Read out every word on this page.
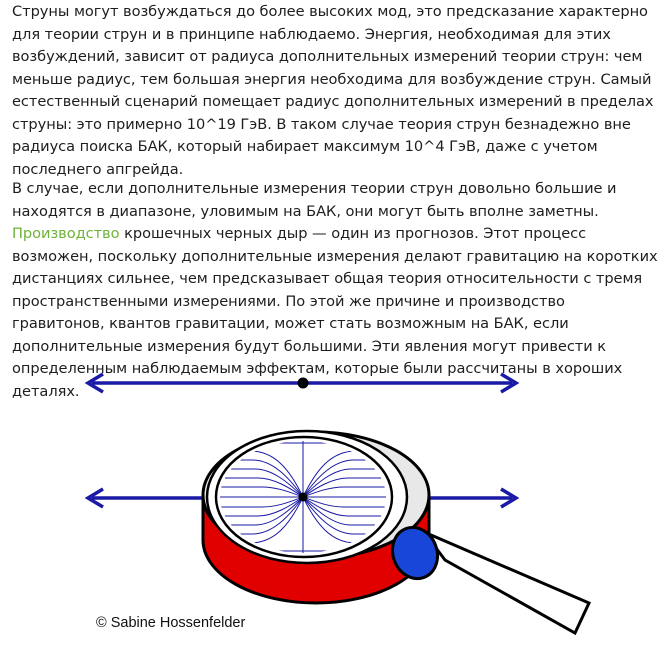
Струны могут возбуждаться до более высоких мод, это предсказание характерно для теории струн и в принципе наблюдаемо. Энергия, необходимая для этих возбуждений, зависит от радиуса дополнительных измерений теории струн: чем меньше радиус, тем большая энергия необходима для возбуждение струн. Самый естественный сценарий помещает радиус дополнительных измерений в пределах струны: это примерно 10^19 ГэВ. В таком случае теория струн безнадежно вне радиуса поиска БАК, который набирает максимум 10^4 ГэВ, даже с учетом последнего апгрейда.

В случае, если дополнительные измерения теории струн довольно большие и находятся в диапазоне, уловимым на БАК, они могут быть вполне заметны. Производство крошечных черных дыр — один из прогнозов. Этот процесс возможен, поскольку дополнительные измерения делают гравитацию на коротких дистанциях сильнее, чем предсказывает общая теория относительности с тремя пространственными измерениями. По этой же причине и производство гравитонов, квантов гравитации, может стать возможным на БАК, если дополнительные измерения будут большими. Эти явления могут привести к определенным наблюдаемым эффектам, которые были рассчитаны в хороших деталях.

© Sabine Hossenfelder
